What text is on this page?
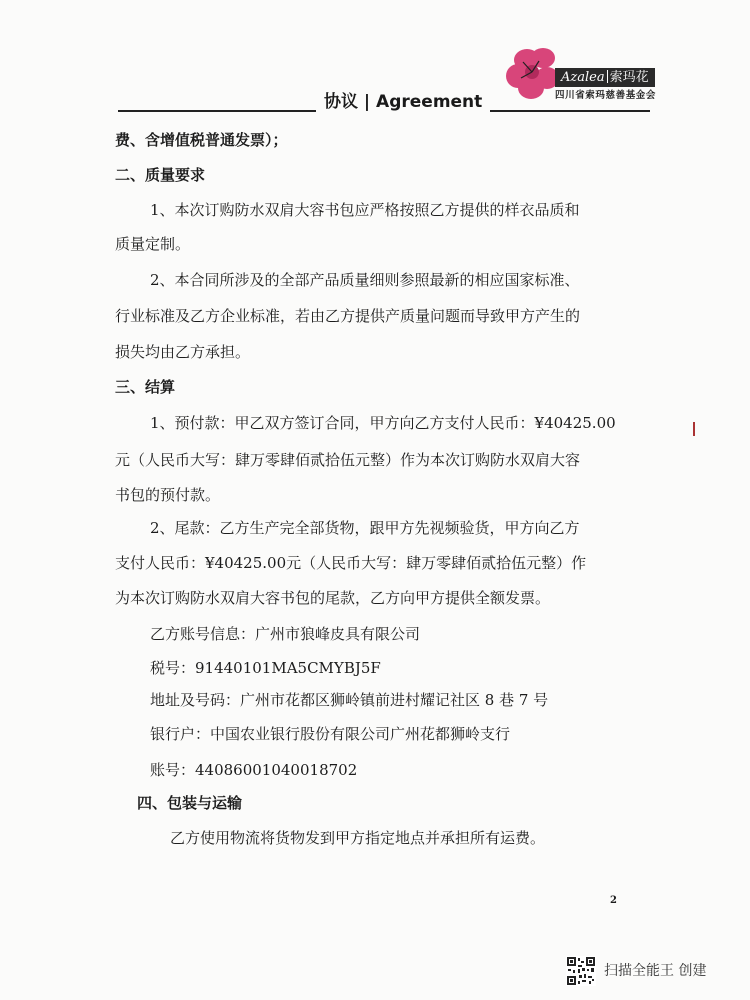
Azalea 索玛花
四川省索玛慈善基金会
协议 | Agreement
费、含增值税普通发票）；
二、质量要求
1、本次订购防水双肩大容书包应严格按照乙方提供的样衣品质和
质量定制。
2、本合同所涉及的全部产品质量细则参照最新的相应国家标准、
行业标准及乙方企业标准，若由乙方提供产质量问题而导致甲方产生的
损失均由乙方承担。
三、结算
1、预付款：甲乙双方签订合同，甲方向乙方支付人民币：¥40425.00
元（人民币大写：肆万零肆佰贰拾伍元整）作为本次订购防水双肩大容
书包的预付款。
2、尾款：乙方生产完全部货物，跟甲方先视频验货，甲方向乙方
支付人民币：¥40425.00元（人民币大写：肆万零肆佰贰拾伍元整）作
为本次订购防水双肩大容书包的尾款，乙方向甲方提供全额发票。
乙方账号信息：广州市狼峰皮具有限公司
税号：91440101MA5CMYBJ5F
地址及号码：广州市花都区狮岭镇前进村耀记社区 8 巷 7 号
银行户：中国农业银行股份有限公司广州花都狮岭支行
账号：44086001040018702
四、包装与运输
乙方使用物流将货物发到甲方指定地点并承担所有运费。
2
扫描全能王 创建
